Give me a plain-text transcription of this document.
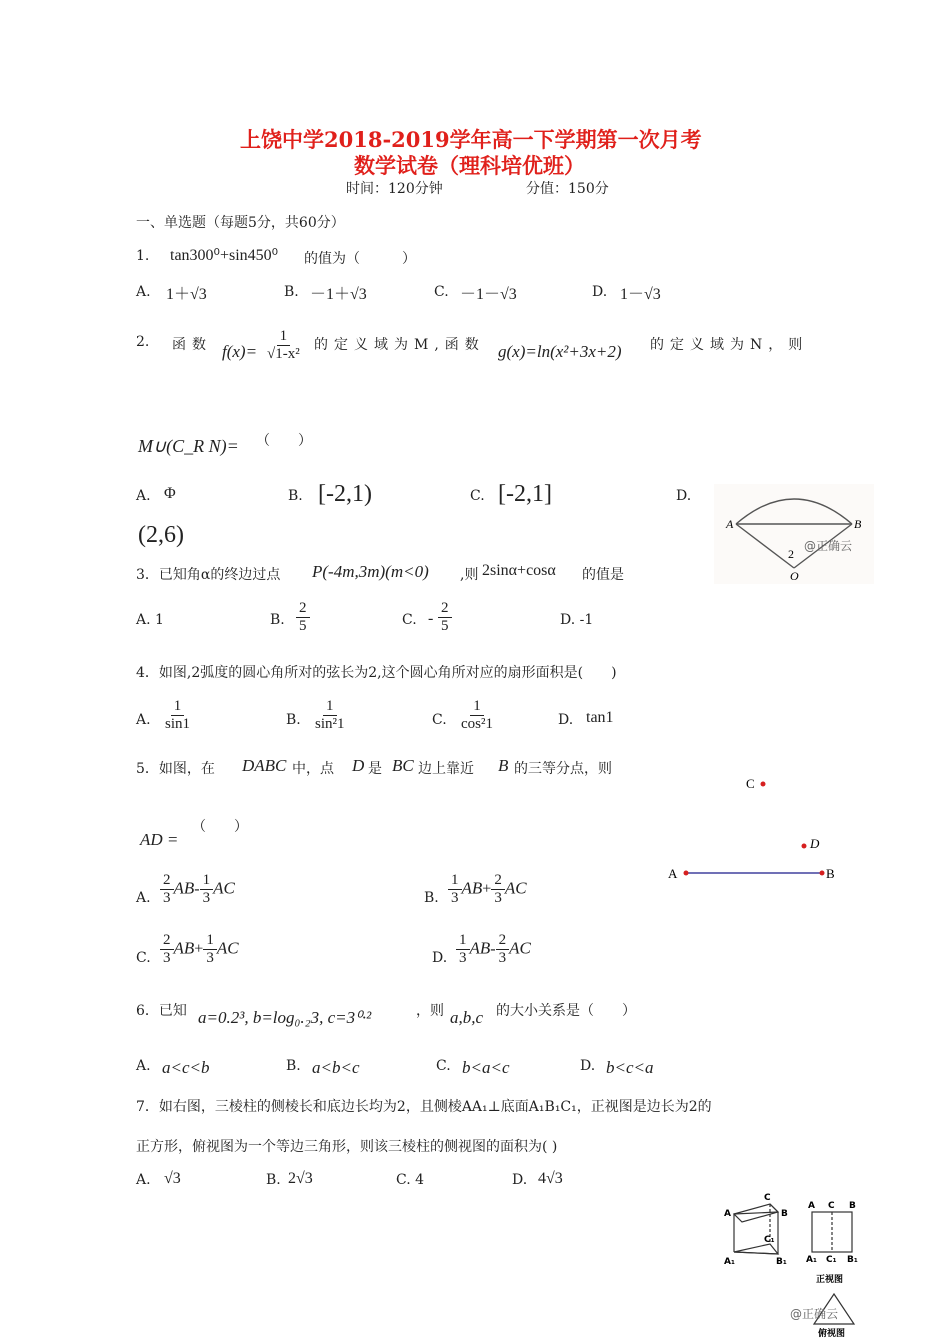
上饶中学2018-2019学年高一下学期第一次月考
数学试卷（理科培优班）
时间：120分钟	分值：150分
一、单选题（每题5分，共60分）
1. tan300⁰+sin450⁰ 的值为（　　　）
A. 1＋√3	B. －1＋√3	C. －1－√3	D. 1－√3
2. 函数 $f(x)= \frac{1}{\text{√1-x²}}$ 的定义域为M,函数 g(x)=ln(x²+3x+2) 的定义域为N，则
M∪(C_R N)= （　　）
A. Φ	B. [-2,1)	C. [-2,1]	D.
(2,6)	A	B
O
2
@正确云
3．已知角α的终边过点 P(-4m,3m)(m<0) ,则 2sinα+cosα 的值是
A. 1	B. $\frac{2}{5}$	C. - $\frac{2}{5}$	D. -1
4．如图,2弧度的圆心角所对的弦长为2,这个圆心角所对应的扇形面积是(　　)
A. $\frac{1}{\sin 1}$	B. $\frac{1}{\text{sin²1}}$	C. $\frac{1}{\text{cos²1}}$	D. tan1
5．如图，在 DABC 中，点 D 是 BC 边上靠近 B 的三等分点，则
AD =
（　　）
A. $\frac{2}{3} AB- \frac{1}{3}$ AC
B. $\frac{1}{3} AB+ \frac{2}{3}$ AC
C. $\frac{2}{3} AB+ \frac{1}{3}$ AC
D. $\frac{1}{3} AB- \frac{2}{3}$ AC
C
D
A	B
6．已知 a=0.2³, b=log₀.₂3, c=3⁰·²	，则 a,b,c 的大小关系是（　　）
A. a<c<b	B. a<b<c	C. b<a<c	D. b<c<a
7．如右图，三棱柱的侧棱长和底边长均为2，且侧棱AA₁⊥底面A₁B₁C₁，正视图是边长为2的
正方形，俯视图为一个等边三角形，则该三棱柱的侧视图的面积为( )
A. √3	B. 2√3	C. 4	D. 4√3
C
B
A
C₁
A₁	B₁
A C B
A₁ C₁ B₁
正视图
@正确云
俯视图
